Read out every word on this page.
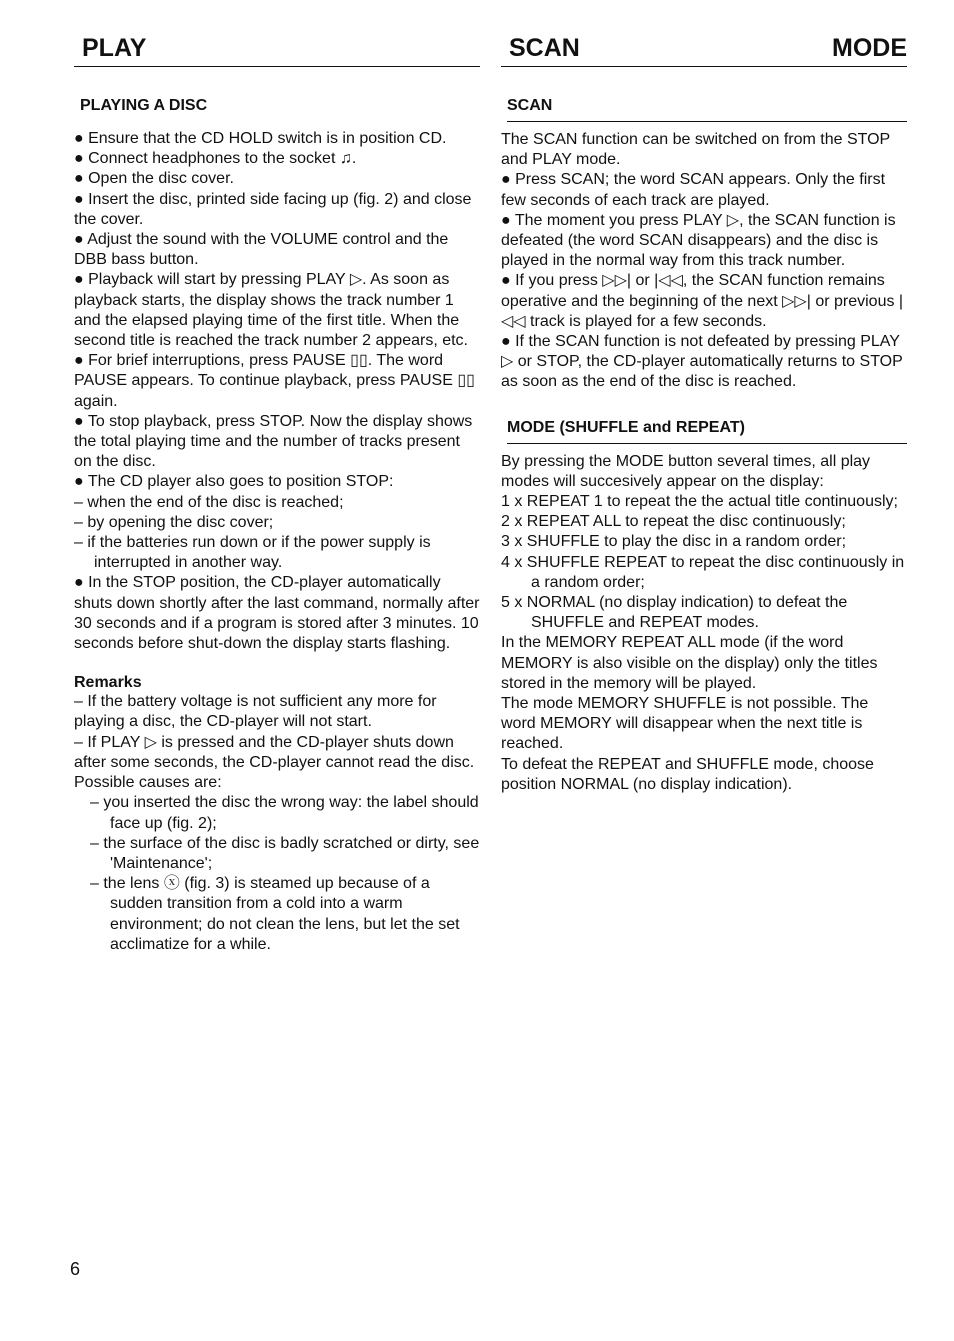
PLAY
PLAYING A DISC

● Ensure that the CD HOLD switch is in position CD.

● Connect headphones to the socket ♫.

● Open the disc cover.

● Insert the disc, printed side facing up (fig. 2) and close the cover.

● Adjust the sound with the VOLUME control and the DBB bass button.

● Playback will start by pressing PLAY ▷. As soon as playback starts, the display shows the track number 1 and the elapsed playing time of the first title. When the second title is reached the track number 2 appears, etc.

● For brief interruptions, press PAUSE ▯▯. The word PAUSE appears. To continue playback, press PAUSE ▯▯ again.

● To stop playback, press STOP. Now the display shows the total playing time and the number of tracks present on the disc.

● The CD player also goes to position STOP:

– when the end of the disc is reached;

– by opening the disc cover;

– if the batteries run down or if the power supply is interrupted in another way.

● In the STOP position, the CD-player automatically shuts down shortly after the last command, normally after 30 seconds and if a program is stored after 3 minutes. 10 seconds before shut-down the display starts flashing.

Remarks

– If the battery voltage is not sufficient any more for playing a disc, the CD-player will not start.

– If PLAY ▷ is pressed and the CD-player shuts down after some seconds, the CD-player cannot read the disc. Possible causes are:

– you inserted the disc the wrong way: the label should face up (fig. 2);

– the surface of the disc is badly scratched or dirty, see 'Maintenance';

– the lens ⓧ (fig. 3) is steamed up because of a sudden transition from a cold into a warm environment; do not clean the lens, but let the set acclimatize for a while.

SCAN	MODE
SCAN

The SCAN function can be switched on from the STOP and PLAY mode.

● Press SCAN; the word SCAN appears. Only the first few seconds of each track are played.

● The moment you press PLAY ▷, the SCAN function is defeated (the word SCAN disappears) and the disc is played in the normal way from this track number.

● If you press ▷▷| or |◁◁, the SCAN function remains operative and the beginning of the next ▷▷| or previous |◁◁ track is played for a few seconds.

● If the SCAN function is not defeated by pressing PLAY ▷ or STOP, the CD-player automatically returns to STOP as soon as the end of the disc is reached.

MODE (SHUFFLE and REPEAT)

By pressing the MODE button several times, all play modes will succesively appear on the display:

1 x REPEAT 1 to repeat the the actual title continuously;

2 x REPEAT ALL to repeat the disc continuously;

3 x SHUFFLE to play the disc in a random order;

4 x SHUFFLE REPEAT to repeat the disc continuously in a random order;

5 x NORMAL (no display indication) to defeat the SHUFFLE and REPEAT modes.

In the MEMORY REPEAT ALL mode (if the word MEMORY is also visible on the display) only the titles stored in the memory will be played.

The mode MEMORY SHUFFLE is not possible. The word MEMORY will disappear when the next title is reached.

To defeat the REPEAT and SHUFFLE mode, choose position NORMAL (no display indication).

6
